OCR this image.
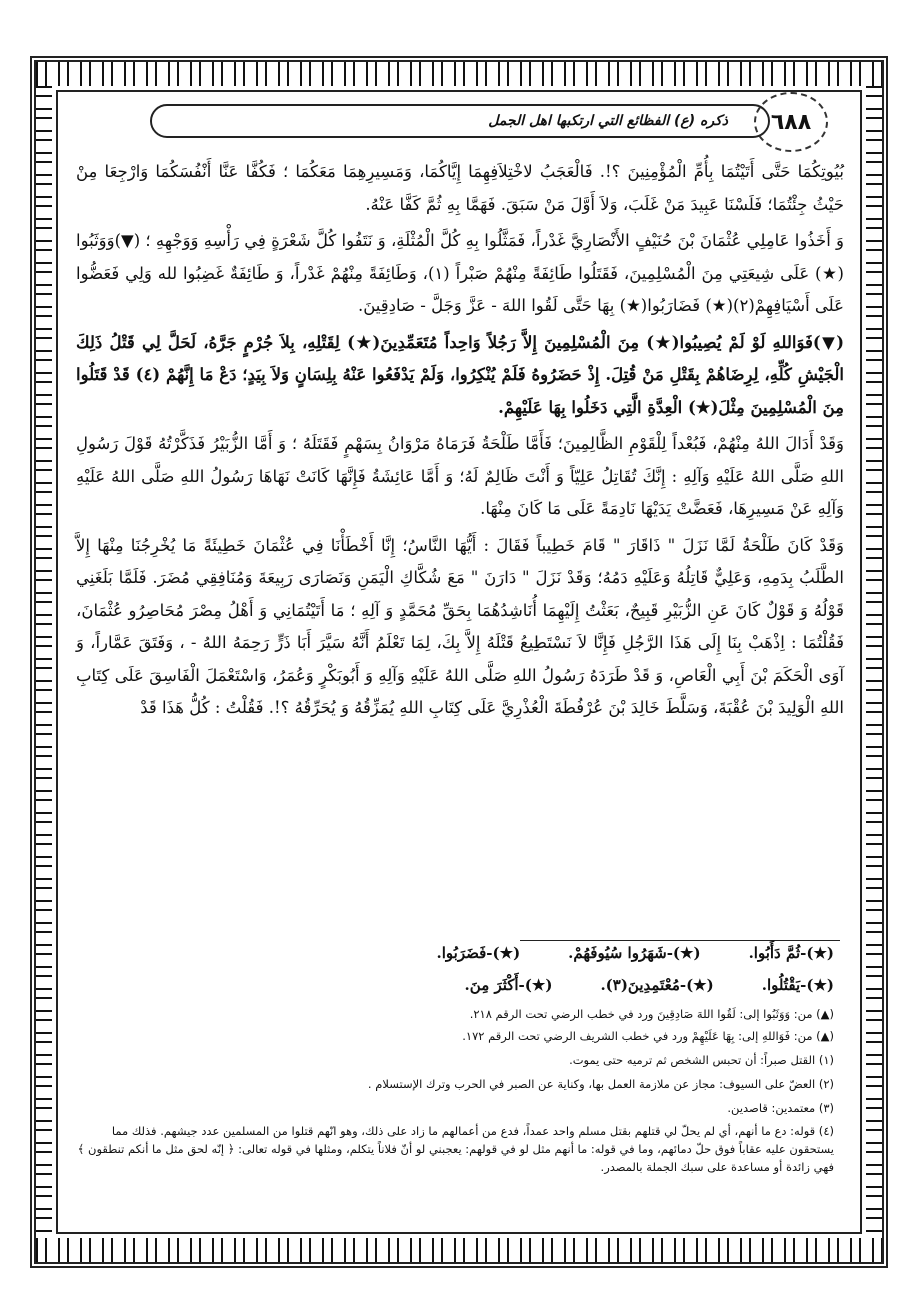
ذكره (ع) الفظائع التي ارتكبها اهل الجمل ٦٨٨

بُيُوتِكُمَا حَتَّى أَتَيْتُمَا بِأُمِّ الْمُؤْمِنِينَ ؟!. فَالْعَجَبُ لاخْتِلاَفِهِمَا إِيَّاكُمَا، وَمَسِيرِهِمَا مَعَكُمَا ؛ فَكُفَّا عَنَّا أَنْفُسَكُمَا وَارْجِعَا مِنْ حَيْثُ جِئْتُمَا؛ فَلَسْنَا عَبِيدَ مَنْ غَلَبَ، وَلاَ أَوَّلَ مَنْ سَبَقَ. فَهَمَّا بِهِ ثُمَّ كَفَّا عَنْهُ.

وَ أَخَذُوا عَامِلِي عُثْمَانَ بْنَ حُنَيْفٍ الأَنْصَارِيَّ غَدْراً، فَمَثَّلُوا بِهِ كُلَّ الْمُثْلَةِ، وَ نَتَفُوا كُلَّ شَعْرَةٍ فِي رَأْسِهِ وَوَجْهِهِ ؛ (▼)وَوَثَبُوا (★) عَلَى شِيعَتِي مِنَ الْمُسْلِمِينَ، فَقَتَلُوا طَائِفَةً مِنْهُمْ صَبْراً (١)، وَطَائِفَةً مِنْهُمْ غَدْراً، وَ طَائِفَةٌ غَضِبُوا لله وَلِي فَعَضُّوا عَلَى أَسْيَافِهِمْ(٢)(★) فَضَارَبُوا(★) بِهَا حَتَّى لَقُوا اللهَ - عَزَّ وَجَلَّ - صَادِقِينَ.

(▼)فَوَاللهِ لَوْ لَمْ يُصِيبُوا(★) مِنَ الْمُسْلِمِينَ إِلاَّ رَجُلاً وَاحِداً مُتَعَمِّدِينَ(★) لِقَتْلِهِ، بِلاَ جُرْمٍ جَرَّهُ، لَحَلَّ لِي قَتْلُ ذَلِكَ الْجَيْشِ كُلِّهِ، لِرِضَاهُمْ بِقَتْلِ مَنْ قُتِلَ. إِذْ حَضَرُوهُ فَلَمْ يُنْكِرُوا، وَلَمْ يَدْفَعُوا عَنْهُ بِلِسَانٍ وَلاَ بِيَدٍ؛ دَعْ مَا إِنَّهُمْ (٤) قَدْ قَتَلُوا مِنَ الْمُسْلِمِينَ مِثْلَ(★) الْعِدَّةِ الَّتِي دَخَلُوا بِهَا عَلَيْهِمْ.

وَقَدْ أَدَالَ اللهُ مِنْهُمْ، فَبُعْداً لِلْقَوْمِ الظَّالِمِينَ؛ فَأَمَّا طَلْحَةُ فَرَمَاهُ مَرْوَانُ بِسَهْمٍ فَقَتَلَهُ ؛ وَ أَمَّا الزُّبَيْرُ فَذَكَّرْتُهُ قَوْلَ رَسُولِ اللهِ صَلَّى اللهُ عَلَيْهِ وَآلِهِ : إِنَّكَ تُقَاتِلُ عَلِيّاً وَ أَنْتَ ظَالِمٌ لَهُ؛ وَ أَمَّا عَائِشَةُ فَإِنَّهَا كَانَتْ نَهَاهَا رَسُولُ اللهِ صَلَّى اللهُ عَلَيْهِ وَآلِهِ عَنْ مَسِيرِهَا، فَعَضَّتْ يَدَيْهَا نَادِمَةً عَلَى مَا كَانَ مِنْهَا.

وَقَدْ كَانَ طَلْحَةُ لَمَّا نَزَلَ " ذَاقَارَ " قَامَ خَطِيباً فَقَالَ : أَيُّهَا النَّاسُ؛ إِنَّا أَخْطَأْنَا فِي عُثْمَانَ خَطِيئَةً مَا يُخْرِجُنَا مِنْهَا إِلاَّ الطَّلَبُ بِدَمِهِ، وَعَلِيٌّ قَاتِلُهُ وَعَلَيْهِ دَمُهُ؛ وَقَدْ نَزَلَ " دَارَنَ " مَعَ شُكَّاكِ الْيَمَنِ وَنَصَارَى رَبِيعَةَ وَمُنَافِقِي مُضَرَ. فَلَمَّا بَلَغَنِي قَوْلُهُ وَ قَوْلٌ كَانَ عَنِ الزُّبَيْرِ قَبِيحٌ، بَعَثْتُ إِلَيْهِمَا أُنَاشِدُهُمَا بِحَقِّ مُحَمَّدٍ وَ آلِهِ ؛ مَا أَتَيْتُمَانِي وَ أَهْلُ مِصْرَ مُحَاصِرُو عُثْمَانَ، فَقُلْتُمَا : اِذْهَبْ بِنَا إِلَى هَذَا الرَّجُلِ فَإِنَّا لاَ نَسْتَطِيعُ قَتْلَهُ إِلاَّ بِكَ، لِمَا تَعْلَمُ أَنَّهُ سَيَّرَ أَبَا ذَرٍّ رَحِمَهُ اللهُ - ، وَفَتَقَ عَمَّاراً، وَ آوَى الْحَكَمَ بْنَ أَبِي الْعَاصِ، وَ قَدْ طَرَدَهُ رَسُولُ اللهِ صَلَّى اللهُ عَلَيْهِ وَآلِهِ وَ أَبُوبَكْرٍ وَعُمَرُ، وَاسْتَعْمَلَ الْفَاسِقَ عَلَى كِتَابِ اللهِ الْوَلِيدَ بْنَ عُقْبَةَ، وَسَلَّطَ خَالِدَ بْنَ عُرْفُطَةَ الْعُذْرِيَّ عَلَى كِتَابِ اللهِ يُمَزِّقُهُ وَ يُحَرِّقُهُ ؟!. فَقُلْتُ : كُلُّ هَذَا قَدْ

(★)-ثُمَّ دَأَبُوا.
(★)-شَهَرُوا سُيُوفَهُمْ.
(★)-فَضَرَبُوا.
(★)-يَقْتُلُوا.
(★)-مُعْتَمِدِينَ(٣).
(★)-أَكْثَرَ مِنَ.
(▲) من: وَوَثَبُوا إلى: لَقُوا اللهَ صَادِقِينَ ورد في خطب الرضي تحت الرقم ٢١٨.
(▲) من: فَوَاللهِ إلى: بِهَا عَلَيْهِمْ ورد في خطب الشريف الرضي تحت الرقم ١٧٢.
(١) القتل صبراً: أن تحبس الشخص ثم ترميه حتى يموت.
(٢) العضّ على السيوف: مجاز عن ملازمة العمل بها، وكناية عن الصبر في الحرب وترك الإستسلام .
(٣) معتمدين: قاصدين.
(٤) قوله: دع ما أنهم، أي لم يحلّ لي قتلهم بقتل مسلم واحد عمداً، فدع من أعمالهم ما زاد على ذلك، وهو انّهم قتلوا من المسلمين عدد جيشهم. فذلك مما يستحقون عليه عقاباً فوق حلّ دمائهم، وما في قوله: ما أنهم مثل لو في قولهم: يعجبني لو أنّ فلاناً يتكلم، ومثلها في قوله تعالى: ﴿ إنّه لحق مثل ما أنكم تنطقون ﴾ فهي زائدة أو مساعدة على سبك الجملة بالمصدر.
